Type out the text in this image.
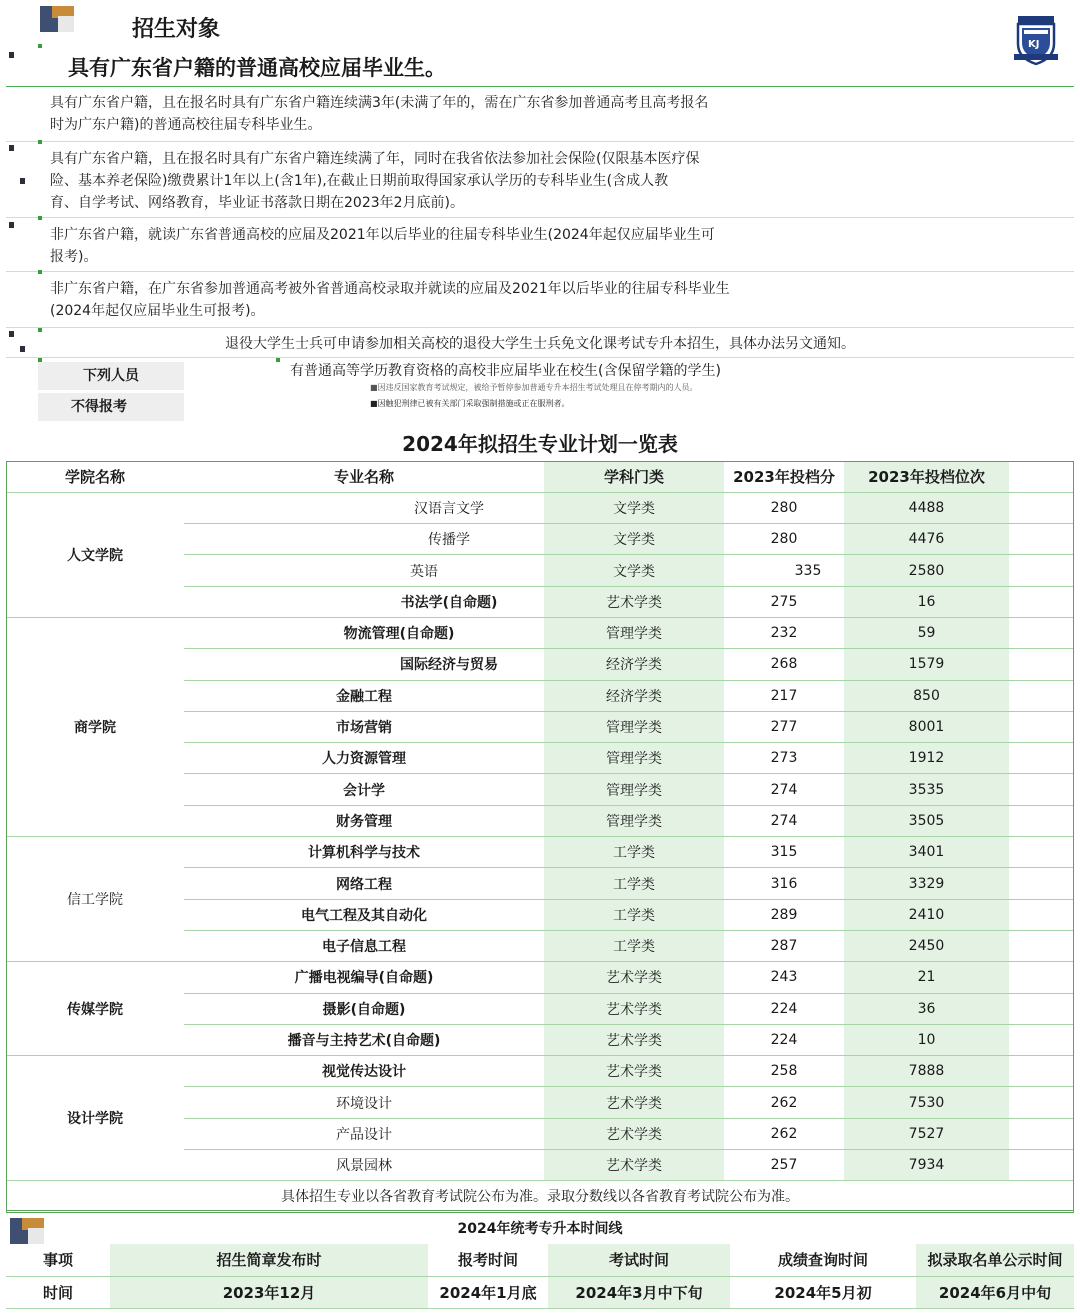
招生对象
KJ
具有广东省户籍的普通高校应届毕业生。
具有广东省户籍，且在报名时具有广东省户籍连续满3年(未满了年的，需在广东省参加普通高考且高考报名
时为广东户籍)的普通高校往届专科毕业生。
具有广东省户籍，且在报名时具有广东省户籍连续满了年，同时在我省依法参加社会保险(仅限基本医疗保
险、基本养老保险)缴费累计1年以上(含1年),在截止日期前取得国家承认学历的专科毕业生(含成人教
育、自学考试、网络教育，毕业证书落款日期在2023年2月底前)。
非广东省户籍，就读广东省普通高校的应届及2021年以后毕业的往届专科毕业生(2024年起仅应届毕业生可
报考)。
非广东省户籍，在广东省参加普通高考被外省普通高校录取并就读的应届及2021年以后毕业的往届专科毕业生
(2024年起仅应届毕业生可报考)。
退役大学生士兵可申请参加相关高校的退役大学生士兵免文化课考试专升本招生，具体办法另文通知。
下列人员
不得报考
有普通高等学历教育资格的高校非应届毕业在校生(含保留学籍的学生)
■因违反国家教育考试规定，被给予暂停参加普通专升本招生考试处理且在停考期内的人员。
■因触犯刑律已被有关部门采取强制措施或正在服刑者。
2024年拟招生专业计划一览表
学院名称	专业名称	学科门类	2023年投档分	2023年投档位次	
人文学院	汉语言文学	文学类	280	4488	
	传播学	文学类	280	4476	
	英语	文学类	335	2580	
	书法学(自命题)	艺术学类	275	16	
商学院	物流管理(自命题)	管理学类	232	59	
	国际经济与贸易	经济学类	268	1579	
	金融工程	经济学类	217	850	
	市场营销	管理学类	277	8001	
	人力资源管理	管理学类	273	1912	
	会计学	管理学类	274	3535	
	财务管理	管理学类	274	3505	
信工学院	计算机科学与技术	工学类	315	3401	
	网络工程	工学类	316	3329	
	电气工程及其自动化	工学类	289	2410	
	电子信息工程	工学类	287	2450	
传媒学院	广播电视编导(自命题)	艺术学类	243	21	
	摄影(自命题)	艺术学类	224	36	
	播音与主持艺术(自命题)	艺术学类	224	10	
设计学院	视觉传达设计	艺术学类	258	7888	
	环境设计	艺术学类	262	7530	
	产品设计	艺术学类	262	7527	
	风景园林	艺术学类	257	7934	
具体招生专业以各省教育考试院公布为准。录取分数线以各省教育考试院公布为准。
2024年统考专升本时间线
事项	招生简章发布时	报考时间	考试时间	成绩查询时间	拟录取名单公示时间
时间	2023年12月	2024年1月底	2024年3月中下旬	2024年5月初	2024年6月中旬
